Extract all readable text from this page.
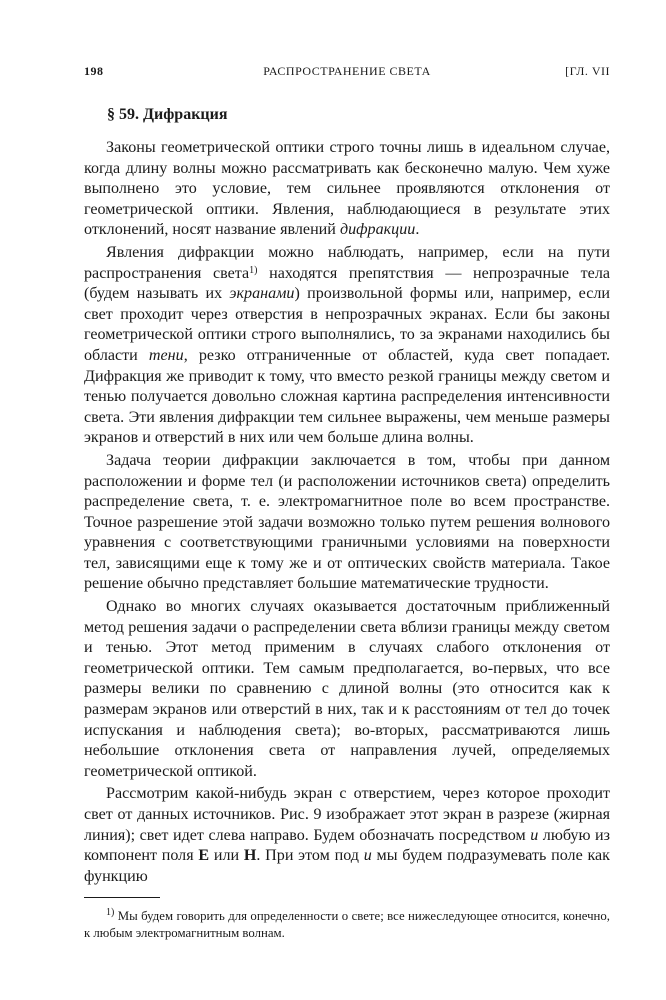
198	РАСПРОСТРАНЕНИЕ СВЕТА	[ГЛ. VII
§ 59. Дифракция

Законы геометрической оптики строго точны лишь в идеальном случае, когда длину волны можно рассматривать как бесконечно малую. Чем хуже выполнено это условие, тем сильнее проявляются отклонения от геометрической оптики. Явления, наблюдающиеся в результате этих отклонений, носят название явлений дифракции.

Явления дифракции можно наблюдать, например, если на пути распространения света$^{1)}$ находятся препятствия — непрозрачные тела (будем называть их экранами) произвольной формы или, например, если свет проходит через отверстия в непрозрачных экранах. Если бы законы геометрической оптики строго выполнялись, то за экранами находились бы области тени, резко отграниченные от областей, куда свет попадает. Дифракция же приводит к тому, что вместо резкой границы между светом и тенью получается довольно сложная картина распределения интенсивности света. Эти явления дифракции тем сильнее выражены, чем меньше размеры экранов и отверстий в них или чем больше длина волны.

Задача теории дифракции заключается в том, чтобы при данном расположении и форме тел (и расположении источников света) определить распределение света, т. е. электромагнитное поле во всем пространстве. Точное разрешение этой задачи возможно только путем решения волнового уравнения с соответствующими граничными условиями на поверхности тел, зависящими еще к тому же и от оптических свойств материала. Такое решение обычно представляет большие математические трудности.

Однако во многих случаях оказывается достаточным приближенный метод решения задачи о распределении света вблизи границы между светом и тенью. Этот метод применим в случаях слабого отклонения от геометрической оптики. Тем самым предполагается, во-первых, что все размеры велики по сравнению с длиной волны (это относится как к размерам экранов или отверстий в них, так и к расстояниям от тел до точек испускания и наблюдения света); во-вторых, рассматриваются лишь небольшие отклонения света от направления лучей, определяемых геометрической оптикой.

Рассмотрим какой-нибудь экран с отверстием, через которое проходит свет от данных источников. Рис. 9 изображает этот экран в разрезе (жирная линия); свет идет слева направо. Будем обозначать посредством u любую из компонент поля E или H. При этом под u мы будем подразумевать поле как функцию

$^{1)}$ Мы будем говорить для определенности о свете; все нижеследующее относится, конечно, к любым электромагнитным волнам.
